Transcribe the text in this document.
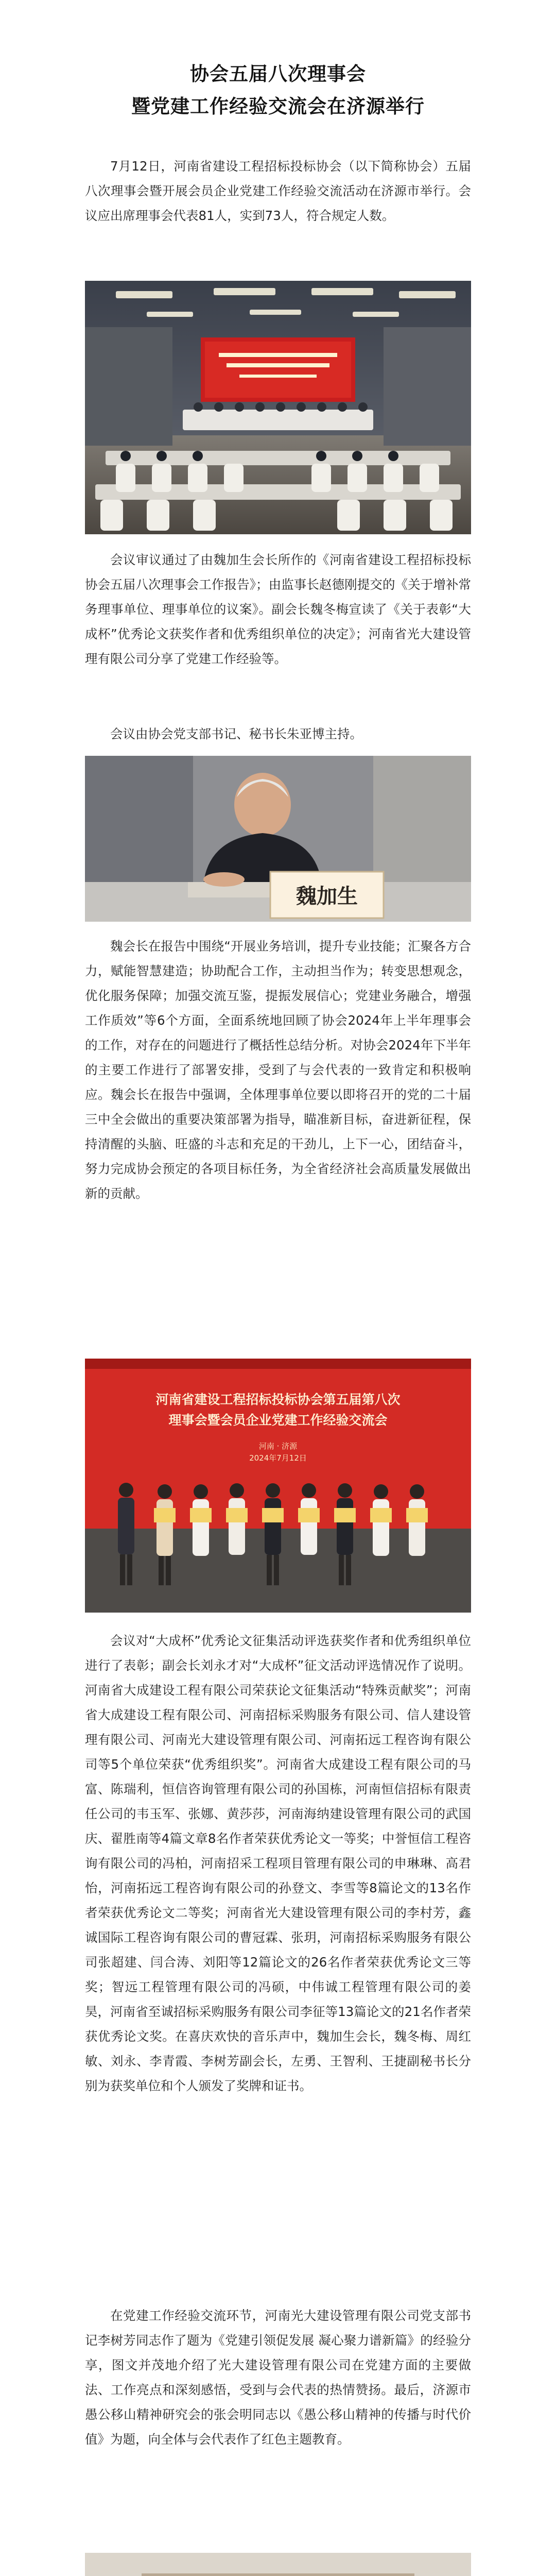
协会五届八次理事会
暨党建工作经验交流会在济源举行

7月12日，河南省建设工程招标投标协会（以下简称协会）五届八次理事会暨开展会员企业党建工作经验交流活动在济源市举行。会议应出席理事会代表81人，实到73人，符合规定人数。

会议审议通过了由魏加生会长所作的《河南省建设工程招标投标协会五届八次理事会工作报告》；由监事长赵德刚提交的《关于增补常务理事单位、理事单位的议案》。副会长魏冬梅宣读了《关于表彰“大成杯”优秀论文获奖作者和优秀组织单位的决定》；河南省光大建设管理有限公司分享了党建工作经验等。

会议由协会党支部书记、秘书长朱亚博主持。

魏加生

魏会长在报告中围绕“开展业务培训，提升专业技能；汇聚各方合力，赋能智慧建造；协助配合工作，主动担当作为；转变思想观念，优化服务保障；加强交流互鉴，提振发展信心；党建业务融合，增强工作质效”等6个方面，全面系统地回顾了协会2024年上半年理事会的工作，对存在的问题进行了概括性总结分析。对协会2024年下半年的主要工作进行了部署安排，受到了与会代表的一致肯定和积极响应。魏会长在报告中强调，全体理事单位要以即将召开的党的二十届三中全会做出的重要决策部署为指导，瞄准新目标，奋进新征程，保持清醒的头脑、旺盛的斗志和充足的干劲儿，上下一心，团结奋斗，努力完成协会预定的各项目标任务，为全省经济社会高质量发展做出新的贡献。

河南省建设工程招标投标协会第五届第八次
理事会暨会员企业党建工作经验交流会
河南 · 济源
2024年7月12日

会议对“大成杯”优秀论文征集活动评选获奖作者和优秀组织单位进行了表彰；副会长刘永才对“大成杯”征文活动评选情况作了说明。河南省大成建设工程有限公司荣获论文征集活动“特殊贡献奖”；河南省大成建设工程有限公司、河南招标采购服务有限公司、信人建设管理有限公司、河南光大建设管理有限公司、河南拓远工程咨询有限公司等5个单位荣获“优秀组织奖”。河南省大成建设工程有限公司的马富、陈瑞利，恒信咨询管理有限公司的孙国栋，河南恒信招标有限责任公司的韦玉军、张娜、黄莎莎，河南海纳建设管理有限公司的武国庆、翟胜南等4篇文章8名作者荣获优秀论文一等奖；中誉恒信工程咨询有限公司的冯柏，河南招采工程项目管理有限公司的申琳琳、高君怡，河南拓远工程咨询有限公司的孙登文、李雪等8篇论文的13名作者荣获优秀论文二等奖；河南省光大建设管理有限公司的李村芳，鑫诚国际工程咨询有限公司的曹冠霖、张玥，河南招标采购服务有限公司张超建、闫合涛、刘阳等12篇论文的26名作者荣获优秀论文三等奖；智远工程管理有限公司的冯硕，中伟诚工程管理有限公司的姜昊，河南省至诚招标采购服务有限公司李征等13篇论文的21名作者荣获优秀论文奖。在喜庆欢快的音乐声中，魏加生会长，魏冬梅、周红敏、刘永、李青霞、李树芳副会长，左勇、王智利、王捷副秘书长分别为获奖单位和个人颁发了奖牌和证书。

在党建工作经验交流环节，河南光大建设管理有限公司党支部书记李树芳同志作了题为《党建引领促发展 凝心聚力谱新篇》的经验分享，图文并茂地介绍了光大建设管理有限公司在党建方面的主要做法、工作亮点和深刻感悟，受到与会代表的热情赞扬。最后，济源市愚公移山精神研究会的张会明同志以《愚公移山精神的传播与时代价值》为题，向全体与会代表作了红色主题教育。
